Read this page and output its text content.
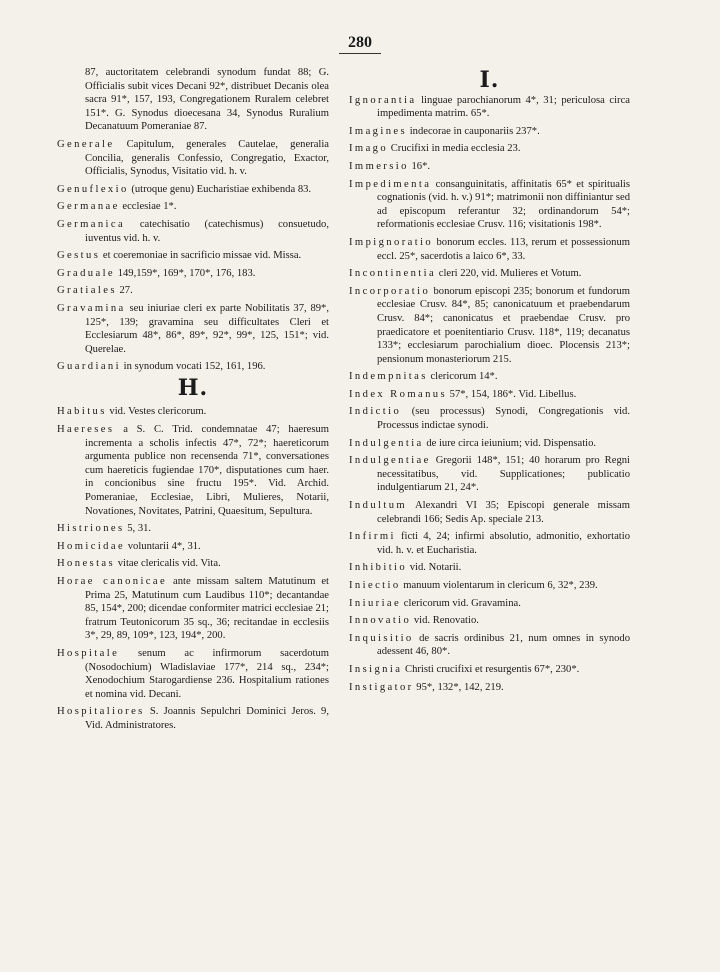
280

87, auctoritatem celebrandi synodum fundat 88; G. Officialis subit vices Decani 92*, distribuet Decanis olea sacra 91*, 157, 193, Congregationem Ruralem celebret 151*. G. Synodus dioecesana 34, Synodus Ruralium Decanatuum Pomeraniae 87.

Generale Capitulum, generales Cautelae, generalia Concilia, generalis Confessio, Congregatio, Exactor, Officialis, Synodus, Visitatio vid. h. v.

Genuflexio (utroque genu) Eucharistiae exhibenda 83.

Germanae ecclesiae 1*.

Germanica catechisatio (catechismus) consuetudo, iuventus vid. h. v.

Gestus et coeremoniae in sacrificio missae vid. Missa.

Graduale 149,159*, 169*, 170*, 176, 183.

Gratiales 27.

Gravamina seu iniuriae cleri ex parte Nobilitatis 37, 89*, 125*, 139; gravamina seu difficultates Cleri et Ecclesiarum 48*, 86*, 89*, 92*, 99*, 125, 151*; vid. Querelae.

Guardiani in synodum vocati 152, 161, 196.

H.

Habitus vid. Vestes clericorum.

Haereses a S. C. Trid. condemnatae 47; haeresum incrementa a scholis infectis 47*, 72*; haereticorum argumenta publice non recensenda 71*, conversationes cum haereticis fugiendae 170*, disputationes cum haer. in concionibus sine fructu 195*. Vid. Archid. Pomeraniae, Ecclesiae, Libri, Mulieres, Notarii, Novationes, Novitates, Patrini, Quaesitum, Sepultura.

Histriones 5, 31.

Homicidae voluntarii 4*, 31.

Honestas vitae clericalis vid. Vita.

Horae canonicae ante missam saltem Matutinum et Prima 25, Matutinum cum Laudibus 110*; decantandae 85, 154*, 200; dicendae conformiter matrici ecclesiae 21; fratrum Teutonicorum 35 sq., 36; recitandae in ecclesiis 3*, 29, 89, 109*, 123, 194*, 200.

Hospitale senum ac infirmorum sacerdotum (Nosodochium) Wladislaviae 177*, 214 sq., 234*; Xenodochium Starogardiense 236. Hospitalium rationes et nomina vid. Decani.

Hospitaliores S. Joannis Sepulchri Dominici Jeros. 9, Vid. Administratores.

I.

Ignorantia linguae parochianorum 4*, 31; periculosa circa impedimenta matrim. 65*.

Imagines indecorae in cauponariis 237*.

Imago Crucifixi in media ecclesia 23.

Immersio 16*.

Impedimenta consanguinitatis, affinitatis 65* et spiritualis cognationis (vid. h. v.) 91*; matrimonii non diffiniantur sed ad episcopum referantur 32; ordinandorum 54*; reformationis ecclesiae Crusv. 116; visitationis 198*.

Impignoratio bonorum eccles. 113, rerum et possessionum eccl. 25*, sacerdotis a laico 6*, 33.

Incontinentia cleri 220, vid. Mulieres et Votum.

Incorporatio bonorum episcopi 235; bonorum et fundorum ecclesiae Crusv. 84*, 85; canonicatuum et praebendarum Crusv. 84*; canonicatus et praebendae Crusv. pro praedicatore et poenitentiario Crusv. 118*, 119; decanatus 133*; ecclesiarum parochialium dioec. Plocensis 213*; pensionum monasteriorum 215.

Indempnitas clericorum 14*.

Index Romanus 57*, 154, 186*. Vid. Libellus.

Indictio (seu processus) Synodi, Congregationis vid. Processus indictae synodi.

Indulgentia de iure circa ieiunium; vid. Dispensatio.

Indulgentiae Gregorii 148*, 151; 40 horarum pro Regni necessitatibus, vid. Supplicationes; publicatio indulgentiarum 21, 24*.

Indultum Alexandri VI 35; Episcopi generale missam celebrandi 166; Sedis Ap. speciale 213.

Infirmi ficti 4, 24; infirmi absolutio, admonitio, exhortatio vid. h. v. et Eucharistia.

Inhibitio vid. Notarii.

Iniectio manuum violentarum in clericum 6, 32*, 239.

Iniuriae clericorum vid. Gravamina.

Innovatio vid. Renovatio.

Inquisitio de sacris ordinibus 21, num omnes in synodo adessent 46, 80*.

Insignia Christi crucifixi et resurgentis 67*, 230*.

Instigator 95*, 132*, 142, 219.
